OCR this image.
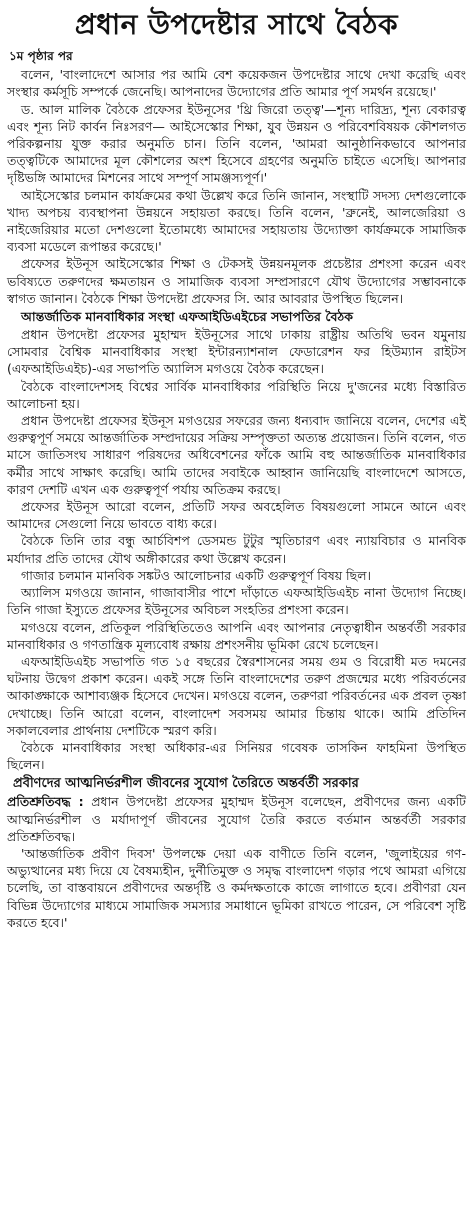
প্রধান উপদেষ্টার সাথে বৈঠক
১ম পৃষ্ঠার পর

বলেন, 'বাংলাদেশে আসার পর আমি বেশ কয়েকজন উপদেষ্টার সাথে দেখা করেছি এবং সংস্থার কর্মসূচি সম্পর্কে জেনেছি। আপনাদের উদ্যোগের প্রতি আমার পূর্ণ সমর্থন রয়েছে।'

ড. আল মালিক বৈঠকে প্রফেসর ইউনূসের 'থ্রি জিরো তত্ত্ব'—শূন্য দারিদ্র্য, শূন্য বেকারত্ব এবং শূন্য নিট কার্বন নিঃসরণ— আইসেস্কোর শিক্ষা, যুব উন্নয়ন ও পরিবেশবিষয়ক কৌশলগত পরিকল্পনায় যুক্ত করার অনুমতি চান। তিনি বলেন, 'আমরা আনুষ্ঠানিকভাবে আপনার তত্ত্বটিকে আমাদের মূল কৌশলের অংশ হিসেবে গ্রহণের অনুমতি চাইতে এসেছি। আপনার দৃষ্টিভঙ্গি আমাদের মিশনের সাথে সম্পূর্ণ সামঞ্জস্যপূর্ণ।'

আইসেস্কোর চলমান কার্যক্রমের কথা উল্লেখ করে তিনি জানান, সংস্থাটি সদস্য দেশগুলোকে খাদ্য অপচয় ব্যবস্থাপনা উন্নয়নে সহায়তা করছে। তিনি বলেন, 'ব্রুনেই, আলজেরিয়া ও নাইজেরিয়ার মতো দেশগুলো ইতোমধ্যে আমাদের সহায়তায় উদ্যোক্তা কার্যক্রমকে সামাজিক ব্যবসা মডেলে রূপান্তর করেছে।'

প্রফেসর ইউনূস আইসেস্কোর শিক্ষা ও টেকসই উন্নয়নমূলক প্রচেষ্টার প্রশংসা করেন এবং ভবিষ্যতে তরুণদের ক্ষমতায়ন ও সামাজিক ব্যবসা সম্প্রসারণে যৌথ উদ্যোগের সম্ভাবনাকে স্বাগত জানান। বৈঠকে শিক্ষা উপদেষ্টা প্রফেসর সি. আর আবরার উপস্থিত ছিলেন।

আন্তর্জাতিক মানবাধিকার সংস্থা এফআইডিএইচের সভাপতির বৈঠক

প্রধান উপদেষ্টা প্রফেসর মুহাম্মদ ইউনূসের সাথে ঢাকায় রাষ্ট্রীয় অতিথি ভবন যমুনায় সোমবার বৈশ্বিক মানবাধিকার সংস্থা ইন্টারন্যাশনাল ফেডারেশন ফর হিউম্যান রাইটস (এফআইডিএইচ)-এর সভাপতি অ্যালিস মগওয়ে বৈঠক করেছেন।

বৈঠকে বাংলাদেশসহ বিশ্বের সার্বিক মানবাধিকার পরিস্থিতি নিয়ে দু'জনের মধ্যে বিস্তারিত আলোচনা হয়।

প্রধান উপদেষ্টা প্রফেসর ইউনূস মগওয়ের সফরের জন্য ধন্যবাদ জানিয়ে বলেন, দেশের এই গুরুত্বপূর্ণ সময়ে আন্তর্জাতিক সম্প্রদায়ের সক্রিয় সম্পৃক্ততা অত্যন্ত প্রয়োজন। তিনি বলেন, গত মাসে জাতিসংঘ সাধারণ পরিষদের অধিবেশনের ফাঁকে আমি বহু আন্তর্জাতিক মানবাধিকার কর্মীর সাথে সাক্ষাৎ করেছি। আমি তাদের সবাইকে আহ্বান জানিয়েছি বাংলাদেশে আসতে, কারণ দেশটি এখন এক গুরুত্বপূর্ণ পর্যায় অতিক্রম করছে।

প্রফেসর ইউনূস আরো বলেন, প্রতিটি সফর অবহেলিত বিষয়গুলো সামনে আনে এবং আমাদের সেগুলো নিয়ে ভাবতে বাধ্য করে।

বৈঠকে তিনি তার বন্ধু আর্চবিশপ ডেসমন্ড টুটুর স্মৃতিচারণ এবং ন্যায়বিচার ও মানবিক মর্যাদার প্রতি তাদের যৌথ অঙ্গীকারের কথা উল্লেখ করেন।

গাজার চলমান মানবিক সঙ্কটও আলোচনার একটি গুরুত্বপূর্ণ বিষয় ছিল।

অ্যালিস মগওয়ে জানান, গাজাবাসীর পাশে দাঁড়াতে এফআইডিএইচ নানা উদ্যোগ নিচ্ছে। তিনি গাজা ইস্যুতে প্রফেসর ইউনূসের অবিচল সংহতির প্রশংসা করেন।

মগওয়ে বলেন, প্রতিকূল পরিস্থিতিতেও আপনি এবং আপনার নেতৃত্বাধীন অন্তর্বর্তী সরকার মানবাধিকার ও গণতান্ত্রিক মূল্যবোধ রক্ষায় প্রশংসনীয় ভূমিকা রেখে চলেছেন।

এফআইডিএইচ সভাপতি গত ১৫ বছরের স্বৈরশাসনের সময় গুম ও বিরোধী মত দমনের ঘটনায় উদ্বেগ প্রকাশ করেন। একই সঙ্গে তিনি বাংলাদেশের তরুণ প্রজন্মের মধ্যে পরিবর্তনের আকাঙ্ক্ষাকে আশাব্যঞ্জক হিসেবে দেখেন। মগওয়ে বলেন, তরুণরা পরিবর্তনের এক প্রবল তৃষ্ণা দেখাচ্ছে। তিনি আরো বলেন, বাংলাদেশ সবসময় আমার চিন্তায় থাকে। আমি প্রতিদিন সকালবেলার প্রার্থনায় দেশটিকে স্মরণ করি।

বৈঠকে মানবাধিকার সংস্থা অধিকার-এর সিনিয়র গবেষক তাসকিন ফাহমিনা উপস্থিত ছিলেন।

প্রবীণদের আত্মনির্ভরশীল জীবনের সুযোগ তৈরিতে অন্তর্বর্তী সরকার

প্রতিশ্রুতিবদ্ধ : প্রধান উপদেষ্টা প্রফেসর মুহাম্মদ ইউনূস বলেছেন, প্রবীণদের জন্য একটি আত্মনির্ভরশীল ও মর্যাদাপূর্ণ জীবনের সুযোগ তৈরি করতে বর্তমান অন্তর্বর্তী সরকার প্রতিশ্রুতিবদ্ধ।

'আন্তর্জাতিক প্রবীণ দিবস' উপলক্ষে দেয়া এক বাণীতে তিনি বলেন, 'জুলাইয়ের গণ-অভ্যুত্থানের মধ্য দিয়ে যে বৈষম্যহীন, দুর্নীতিমুক্ত ও সমৃদ্ধ বাংলাদেশ গড়ার পথে আমরা এগিয়ে চলেছি, তা বাস্তবায়নে প্রবীণদের অন্তর্দৃষ্টি ও কর্মদক্ষতাকে কাজে লাগাতে হবে। প্রবীণরা যেন বিভিন্ন উদ্যোগের মাধ্যমে সামাজিক সমস্যার সমাধানে ভূমিকা রাখতে পারেন, সে পরিবেশ সৃষ্টি করতে হবে।'
